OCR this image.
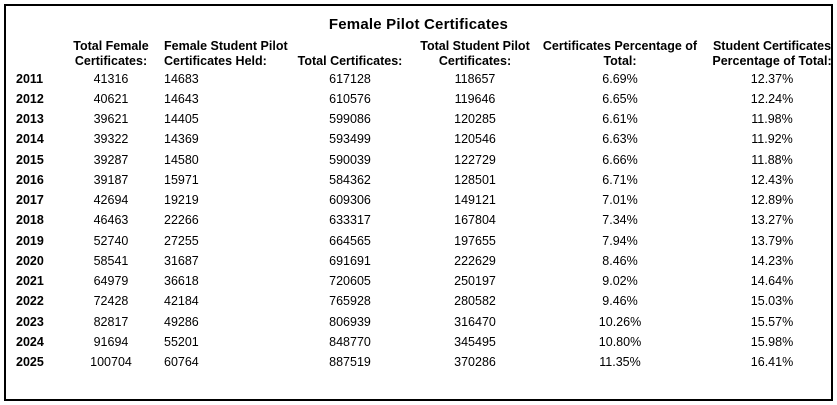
Female Pilot Certificates
	Total Female Certificates:	Female Student Pilot Certificates Held:	Total Certificates:	Total Student Pilot Certificates:	Certificates Percentage of Total:	Student Certificates Percentage of Total:
2011	41316	14683	617128	118657	6.69%	12.37%
2012	40621	14643	610576	119646	6.65%	12.24%
2013	39621	14405	599086	120285	6.61%	11.98%
2014	39322	14369	593499	120546	6.63%	11.92%
2015	39287	14580	590039	122729	6.66%	11.88%
2016	39187	15971	584362	128501	6.71%	12.43%
2017	42694	19219	609306	149121	7.01%	12.89%
2018	46463	22266	633317	167804	7.34%	13.27%
2019	52740	27255	664565	197655	7.94%	13.79%
2020	58541	31687	691691	222629	8.46%	14.23%
2021	64979	36618	720605	250197	9.02%	14.64%
2022	72428	42184	765928	280582	9.46%	15.03%
2023	82817	49286	806939	316470	10.26%	15.57%
2024	91694	55201	848770	345495	10.80%	15.98%
2025	100704	60764	887519	370286	11.35%	16.41%
